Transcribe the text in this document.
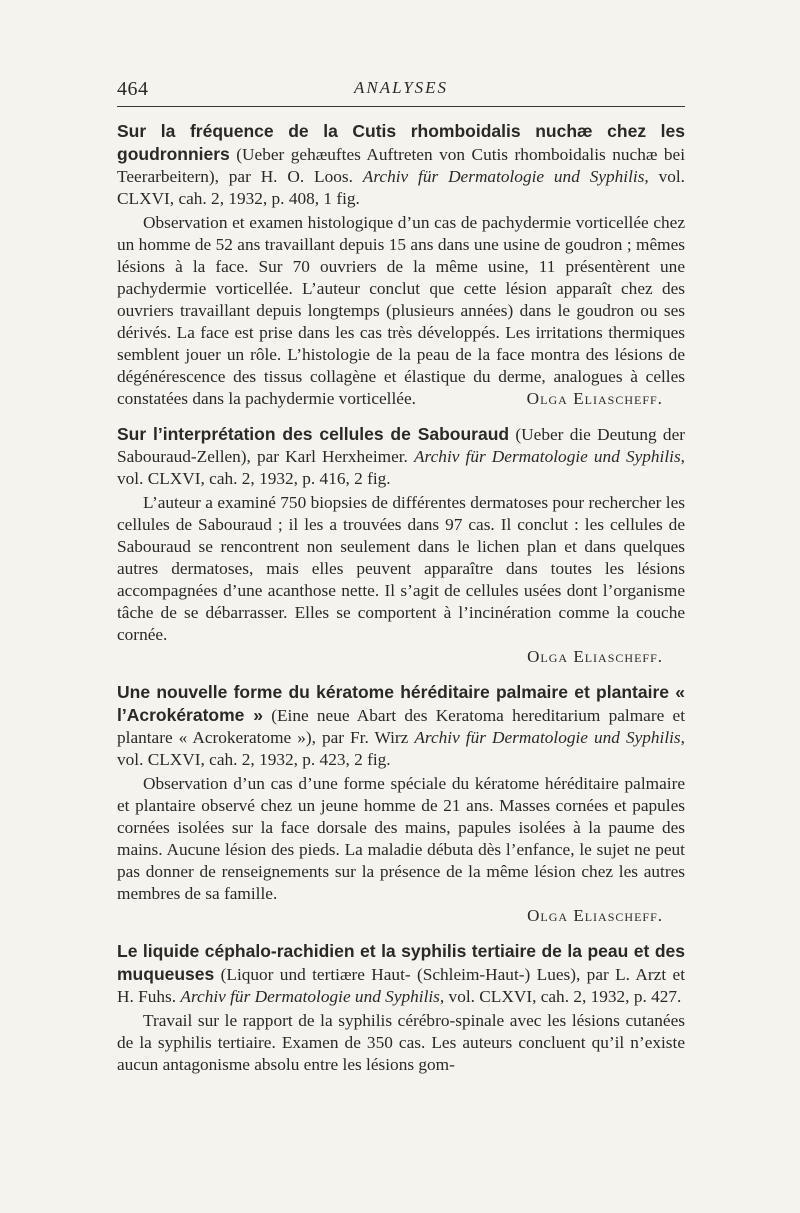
464	ANALYSES

Sur la fréquence de la Cutis rhomboidalis nuchæ chez les goudronniers (Ueber gehæuftes Auftreten von Cutis rhomboidalis nuchæ bei Teerarbeitern), par H. O. Loos. Archiv für Dermatologie und Syphilis, vol. CLXVI, cah. 2, 1932, p. 408, 1 fig.

Observation et examen histologique d’un cas de pachydermie vorticellée chez un homme de 52 ans travaillant depuis 15 ans dans une usine de goudron ; mêmes lésions à la face. Sur 70 ouvriers de la même usine, 11 présentèrent une pachydermie vorticellée. L’auteur conclut que cette lésion apparaît chez des ouvriers travaillant depuis longtemps (plusieurs années) dans le goudron ou ses dérivés. La face est prise dans les cas très développés. Les irritations thermiques semblent jouer un rôle. L’histologie de la peau de la face montra des lésions de dégénérescence des tissus collagène et élastique du derme, analogues à celles constatées dans la pachydermie vorticellée.	Olga Eliascheff.

Sur l’interprétation des cellules de Sabouraud (Ueber die Deutung der Sabouraud-Zellen), par Karl Herxheimer. Archiv für Dermatologie und Syphilis, vol. CLXVI, cah. 2, 1932, p. 416, 2 fig.

L’auteur a examiné 750 biopsies de différentes dermatoses pour rechercher les cellules de Sabouraud ; il les a trouvées dans 97 cas. Il conclut : les cellules de Sabouraud se rencontrent non seulement dans le lichen plan et dans quelques autres dermatoses, mais elles peuvent apparaître dans toutes les lésions accompagnées d’une acanthose nette. Il s’agit de cellules usées dont l’organisme tâche de se débarrasser. Elles se comportent à l’incinération comme la couche cornée.

Olga Eliascheff.

Une nouvelle forme du kératome héréditaire palmaire et plantaire « l’Acrokératome » (Eine neue Abart des Keratoma hereditarium palmare et plantare « Acrokeratome »), par Fr. Wirz Archiv für Dermatologie und Syphilis, vol. CLXVI, cah. 2, 1932, p. 423, 2 fig.

Observation d’un cas d’une forme spéciale du kératome héréditaire palmaire et plantaire observé chez un jeune homme de 21 ans. Masses cornées et papules cornées isolées sur la face dorsale des mains, papules isolées à la paume des mains. Aucune lésion des pieds. La maladie débuta dès l’enfance, le sujet ne peut pas donner de renseignements sur la présence de la même lésion chez les autres membres de sa famille.

Olga Eliascheff.

Le liquide céphalo-rachidien et la syphilis tertiaire de la peau et des muqueuses (Liquor und tertiære Haut- (Schleim-Haut-) Lues), par L. Arzt et H. Fuhs. Archiv für Dermatologie und Syphilis, vol. CLXVI, cah. 2, 1932, p. 427.

Travail sur le rapport de la syphilis cérébro-spinale avec les lésions cutanées de la syphilis tertiaire. Examen de 350 cas. Les auteurs concluent qu’il n’existe aucun antagonisme absolu entre les lésions gom-
